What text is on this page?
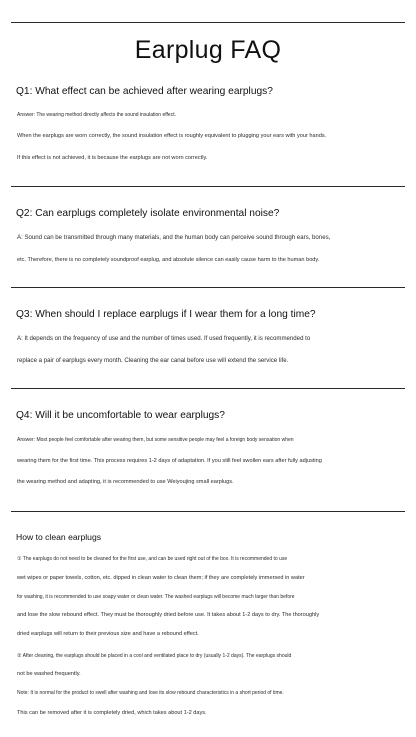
Earplug FAQ
Q1: What effect can be achieved after wearing earplugs?
Answer: The wearing method directly affects the sound insulation effect.
When the earplugs are worn correctly, the sound insulation effect is roughly equivalent to plugging your ears with your hands.
If this effect is not achieved, it is because the earplugs are not worn correctly.
Q2: Can earplugs completely isolate environmental noise?
A: Sound can be transmitted through many materials, and the human body can perceive sound through ears, bones,
etc. Therefore, there is no completely soundproof earplug, and absolute silence can easily cause harm to the human body.
Q3: When should I replace earplugs if I wear them for a long time?
A: It depends on the frequency of use and the number of times used. If used frequently, it is recommended to
replace a pair of earplugs every month. Cleaning the ear canal before use will extend the service life.
Q4: Will it be uncomfortable to wear earplugs?
Answer: Most people feel comfortable after wearing them, but some sensitive people may feel a foreign body sensation when
wearing them for the first time. This process requires 1-2 days of adaptation. If you still feel swollen ears after fully adjusting
the wearing method and adapting, it is recommended to use Weiyoujing small earplugs.
How to clean earplugs
① The earplugs do not need to be cleaned for the first use, and can be used right out of the box. It is recommended to use
wet wipes or paper towels, cotton, etc. dipped in clean water to clean them; if they are completely immersed in water
for washing, it is recommended to use soapy water or clean water. The washed earplugs will become much larger than before
and lose the slow rebound effect. They must be thoroughly dried before use. It takes about 1-2 days to dry. The thoroughly
dried earplugs will return to their previous size and have a rebound effect.
② After cleaning, the earplugs should be placed in a cool and ventilated place to dry (usually 1-2 days). The earplugs should
not be washed frequently.
Note: It is normal for the product to swell after washing and lose its slow rebound characteristics in a short period of time.
This can be removed after it is completely dried, which takes about 1-2 days.
